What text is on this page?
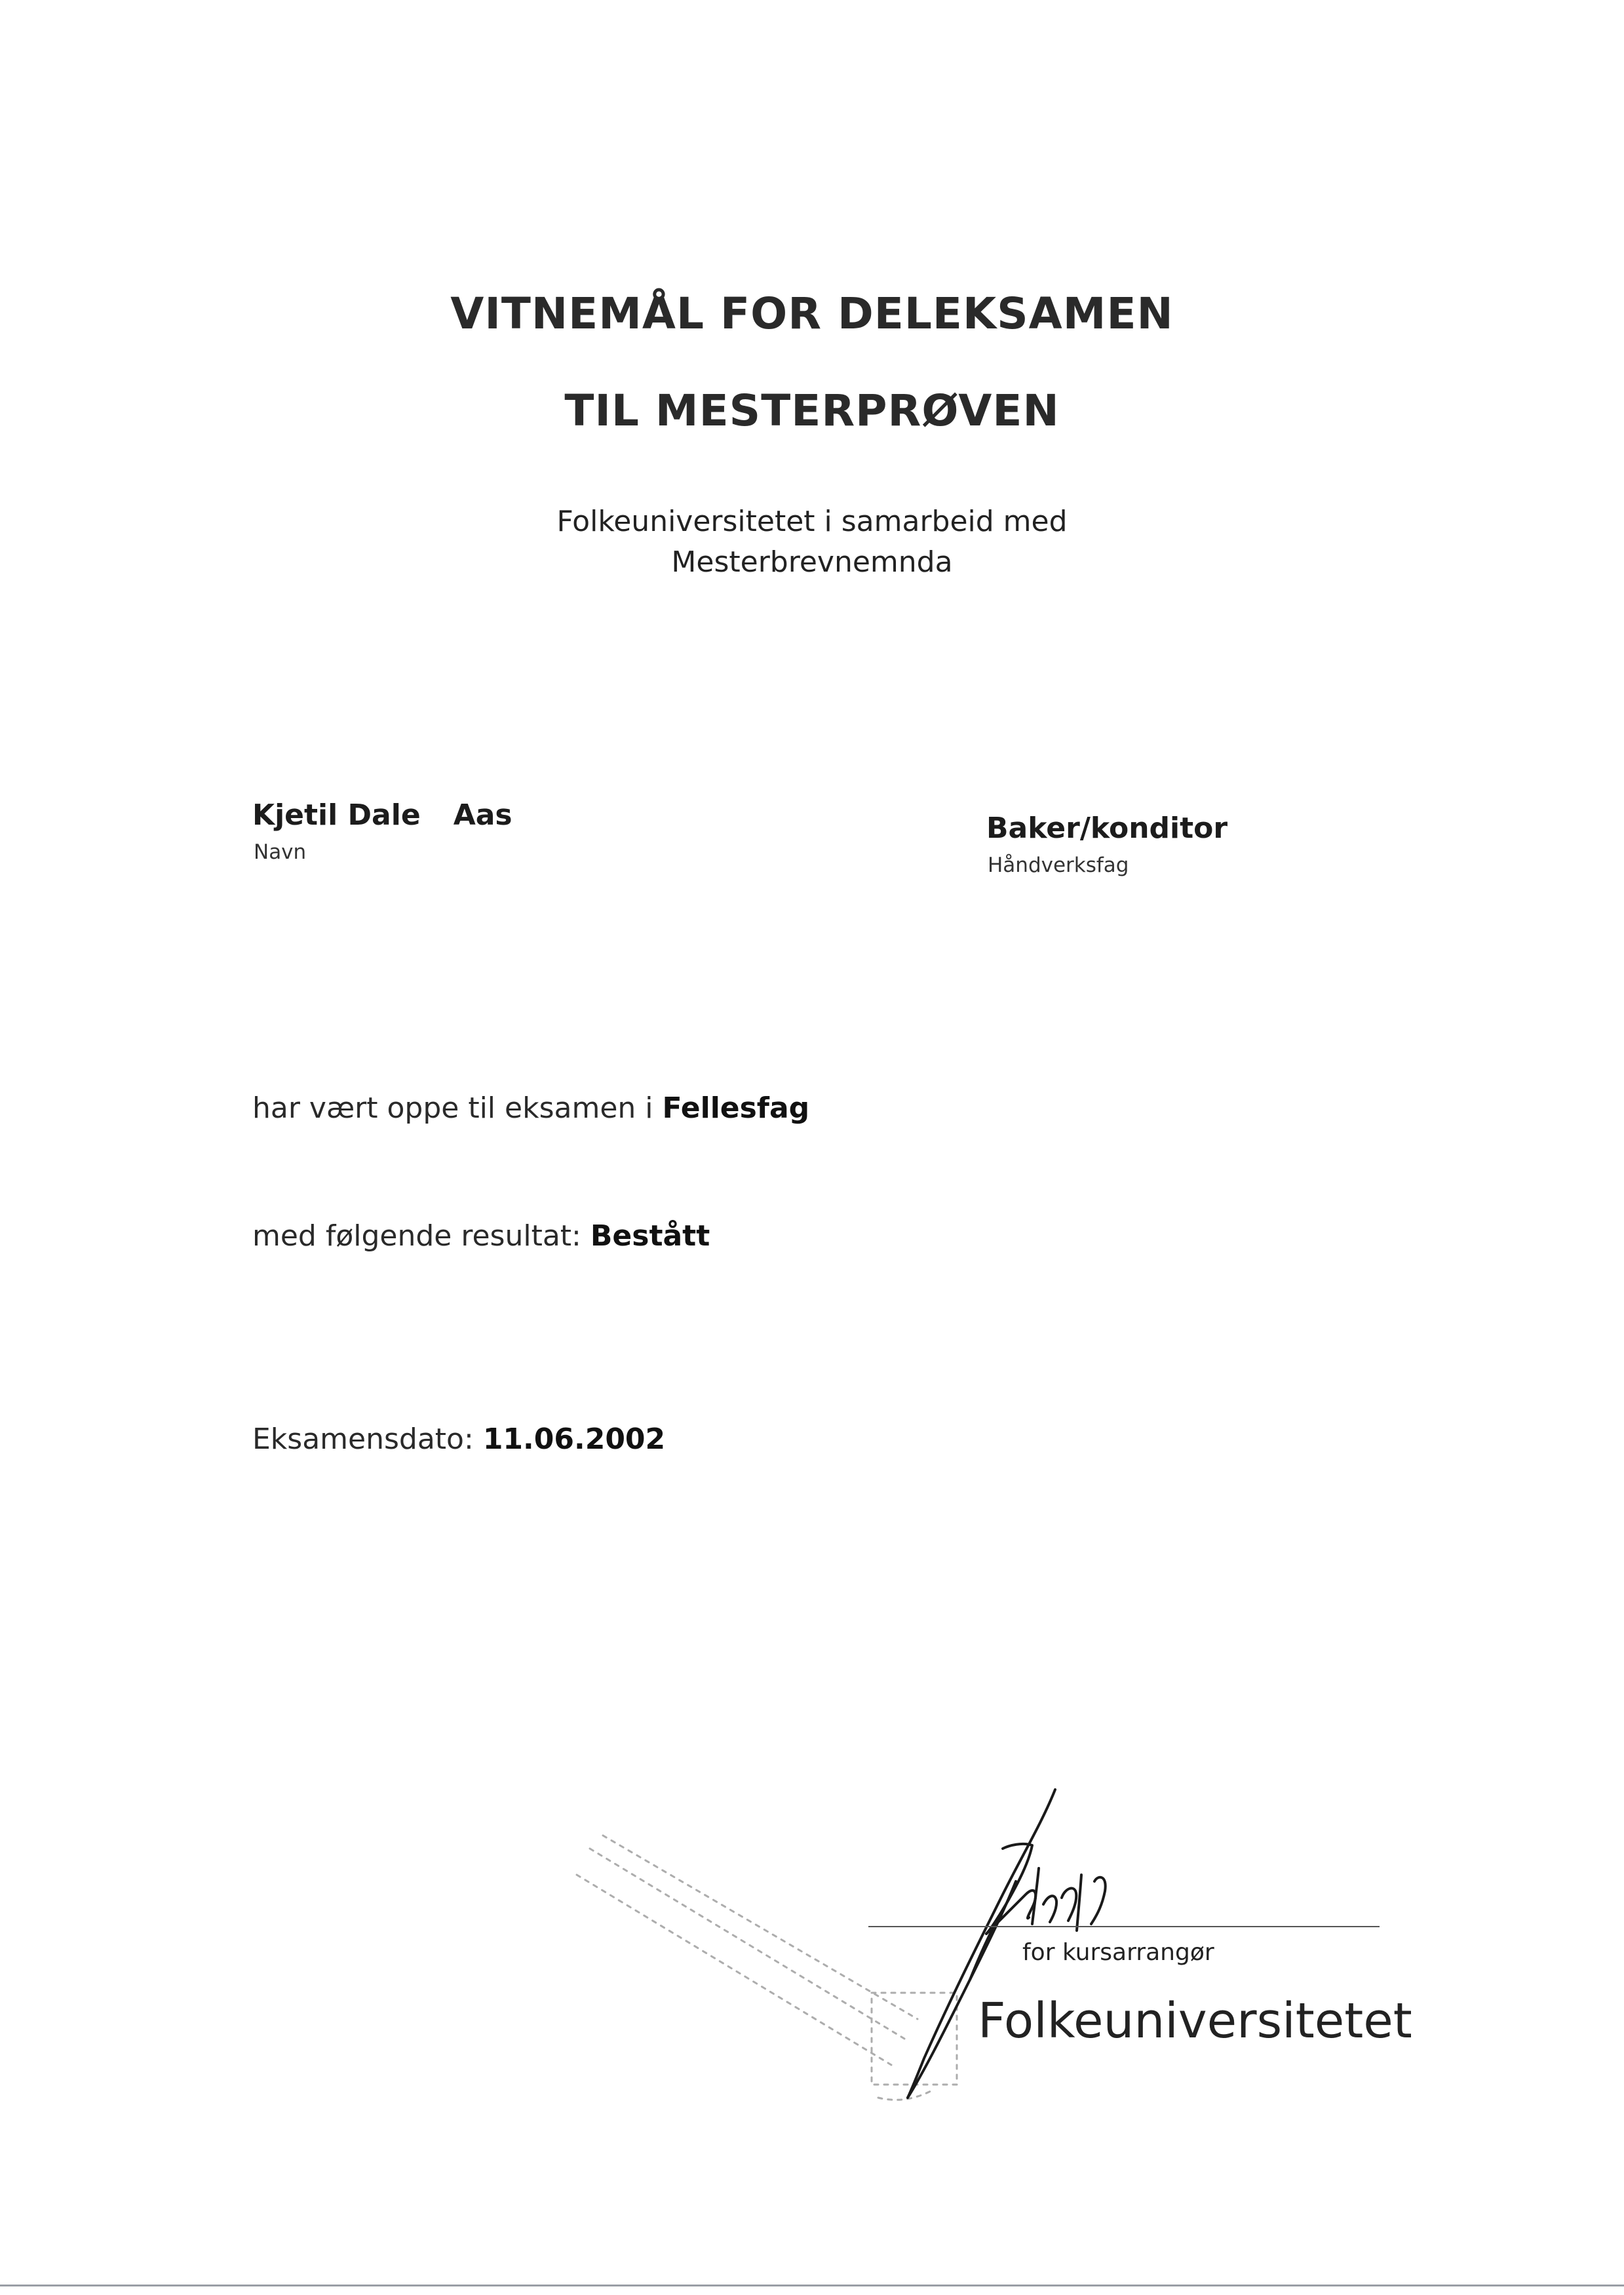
VITNEMÅL FOR DELEKSAMEN
TIL MESTERPRØVEN
Folkeuniversitetet i samarbeid med
Mesterbrevnemnda
Kjetil Dale Aas
Navn
Baker/konditor
Håndverksfag
har vært oppe til eksamen i Fellesfag
med følgende resultat: Bestått
Eksamensdato: 11.06.2002
for kursarrangør
Folkeuniversitetet
